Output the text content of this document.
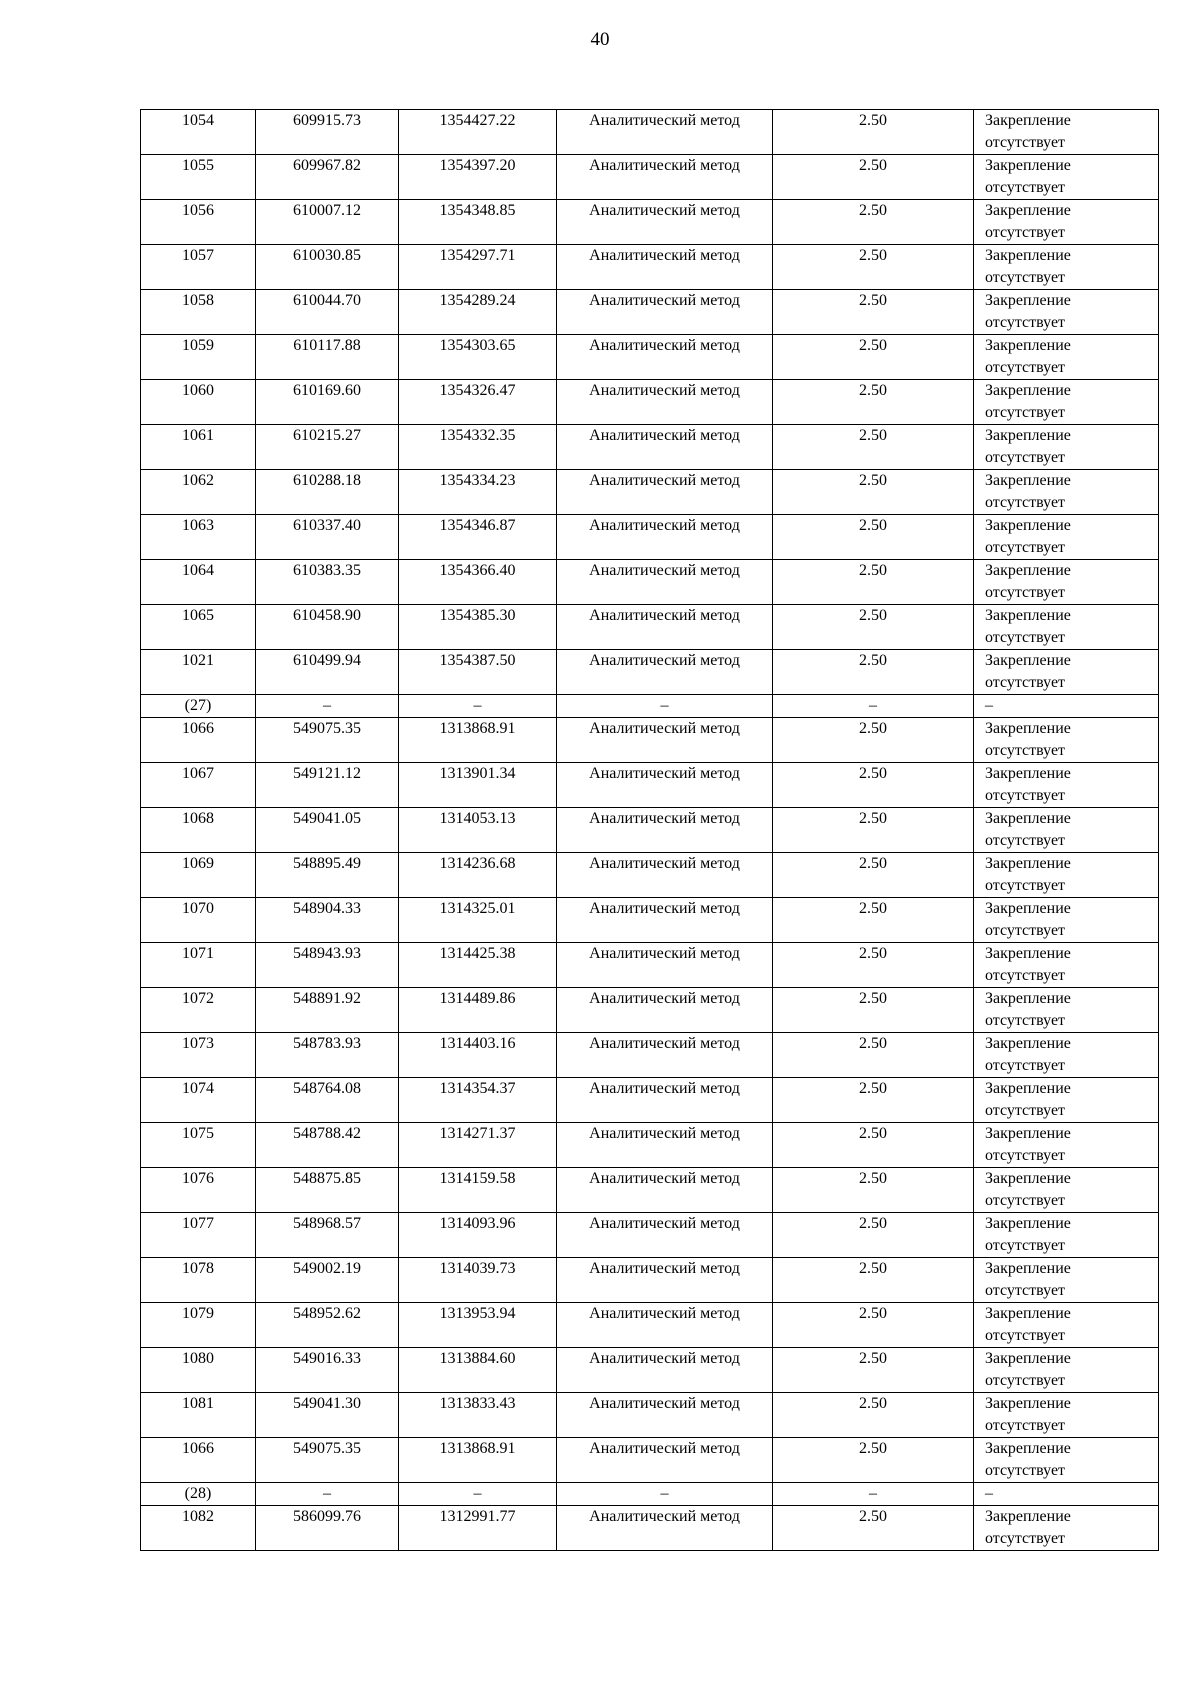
40
1054	609915.73	1354427.22	Аналитический метод	2.50	Закрепление
отсутствует

1055	609967.82	1354397.20	Аналитический метод	2.50	Закрепление
отсутствует

1056	610007.12	1354348.85	Аналитический метод	2.50	Закрепление
отсутствует

1057	610030.85	1354297.71	Аналитический метод	2.50	Закрепление
отсутствует

1058	610044.70	1354289.24	Аналитический метод	2.50	Закрепление
отсутствует

1059	610117.88	1354303.65	Аналитический метод	2.50	Закрепление
отсутствует

1060	610169.60	1354326.47	Аналитический метод	2.50	Закрепление
отсутствует

1061	610215.27	1354332.35	Аналитический метод	2.50	Закрепление
отсутствует

1062	610288.18	1354334.23	Аналитический метод	2.50	Закрепление
отсутствует

1063	610337.40	1354346.87	Аналитический метод	2.50	Закрепление
отсутствует

1064	610383.35	1354366.40	Аналитический метод	2.50	Закрепление
отсутствует

1065	610458.90	1354385.30	Аналитический метод	2.50	Закрепление
отсутствует

1021	610499.94	1354387.50	Аналитический метод	2.50	Закрепление
отсутствует

(27)	–	–	–	–	–

1066	549075.35	1313868.91	Аналитический метод	2.50	Закрепление
отсутствует

1067	549121.12	1313901.34	Аналитический метод	2.50	Закрепление
отсутствует

1068	549041.05	1314053.13	Аналитический метод	2.50	Закрепление
отсутствует

1069	548895.49	1314236.68	Аналитический метод	2.50	Закрепление
отсутствует

1070	548904.33	1314325.01	Аналитический метод	2.50	Закрепление
отсутствует

1071	548943.93	1314425.38	Аналитический метод	2.50	Закрепление
отсутствует

1072	548891.92	1314489.86	Аналитический метод	2.50	Закрепление
отсутствует

1073	548783.93	1314403.16	Аналитический метод	2.50	Закрепление
отсутствует

1074	548764.08	1314354.37	Аналитический метод	2.50	Закрепление
отсутствует

1075	548788.42	1314271.37	Аналитический метод	2.50	Закрепление
отсутствует

1076	548875.85	1314159.58	Аналитический метод	2.50	Закрепление
отсутствует

1077	548968.57	1314093.96	Аналитический метод	2.50	Закрепление
отсутствует

1078	549002.19	1314039.73	Аналитический метод	2.50	Закрепление
отсутствует

1079	548952.62	1313953.94	Аналитический метод	2.50	Закрепление
отсутствует

1080	549016.33	1313884.60	Аналитический метод	2.50	Закрепление
отсутствует

1081	549041.30	1313833.43	Аналитический метод	2.50	Закрепление
отсутствует

1066	549075.35	1313868.91	Аналитический метод	2.50	Закрепление
отсутствует

(28)	–	–	–	–	–

1082	586099.76	1312991.77	Аналитический метод	2.50	Закрепление
отсутствует
